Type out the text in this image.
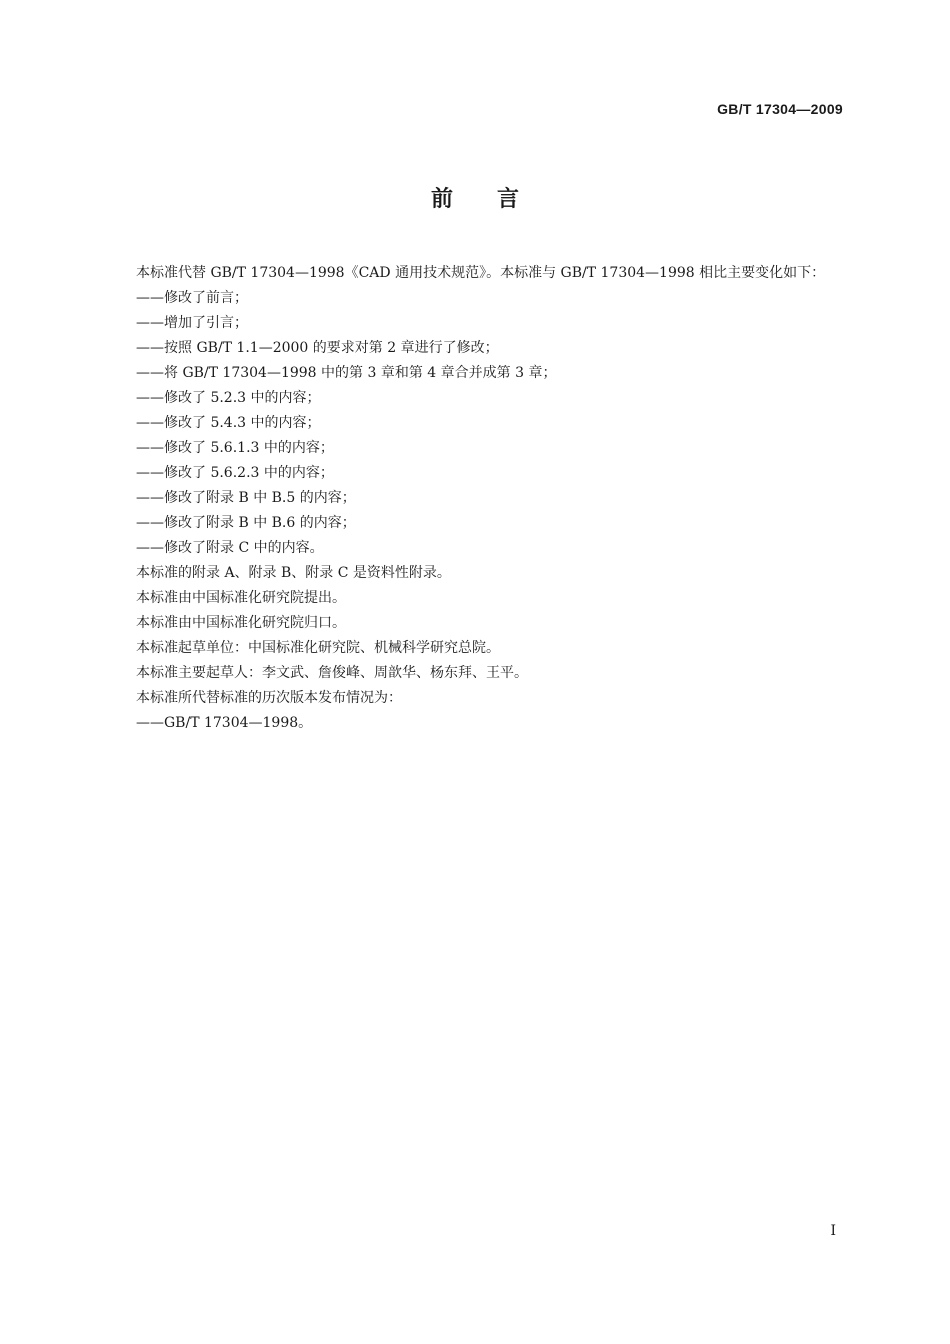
GB/T 17304—2009
前言

本标准代替 GB/T 17304—1998《CAD 通用技术规范》。本标准与 GB/T 17304—1998 相比主要变化如下：

——修改了前言；

——增加了引言；

——按照 GB/T 1.1—2000 的要求对第 2 章进行了修改；

——将 GB/T 17304—1998 中的第 3 章和第 4 章合并成第 3 章；

——修改了 5.2.3 中的内容；

——修改了 5.4.3 中的内容；

——修改了 5.6.1.3 中的内容；

——修改了 5.6.2.3 中的内容；

——修改了附录 B 中 B.5 的内容；

——修改了附录 B 中 B.6 的内容；

——修改了附录 C 中的内容。

本标准的附录 A、附录 B、附录 C 是资料性附录。

本标准由中国标准化研究院提出。

本标准由中国标准化研究院归口。

本标准起草单位：中国标准化研究院、机械科学研究总院。

本标准主要起草人：李文武、詹俊峰、周歆华、杨东拜、王平。

本标准所代替标准的历次版本发布情况为：

——GB/T 17304—1998。

I
